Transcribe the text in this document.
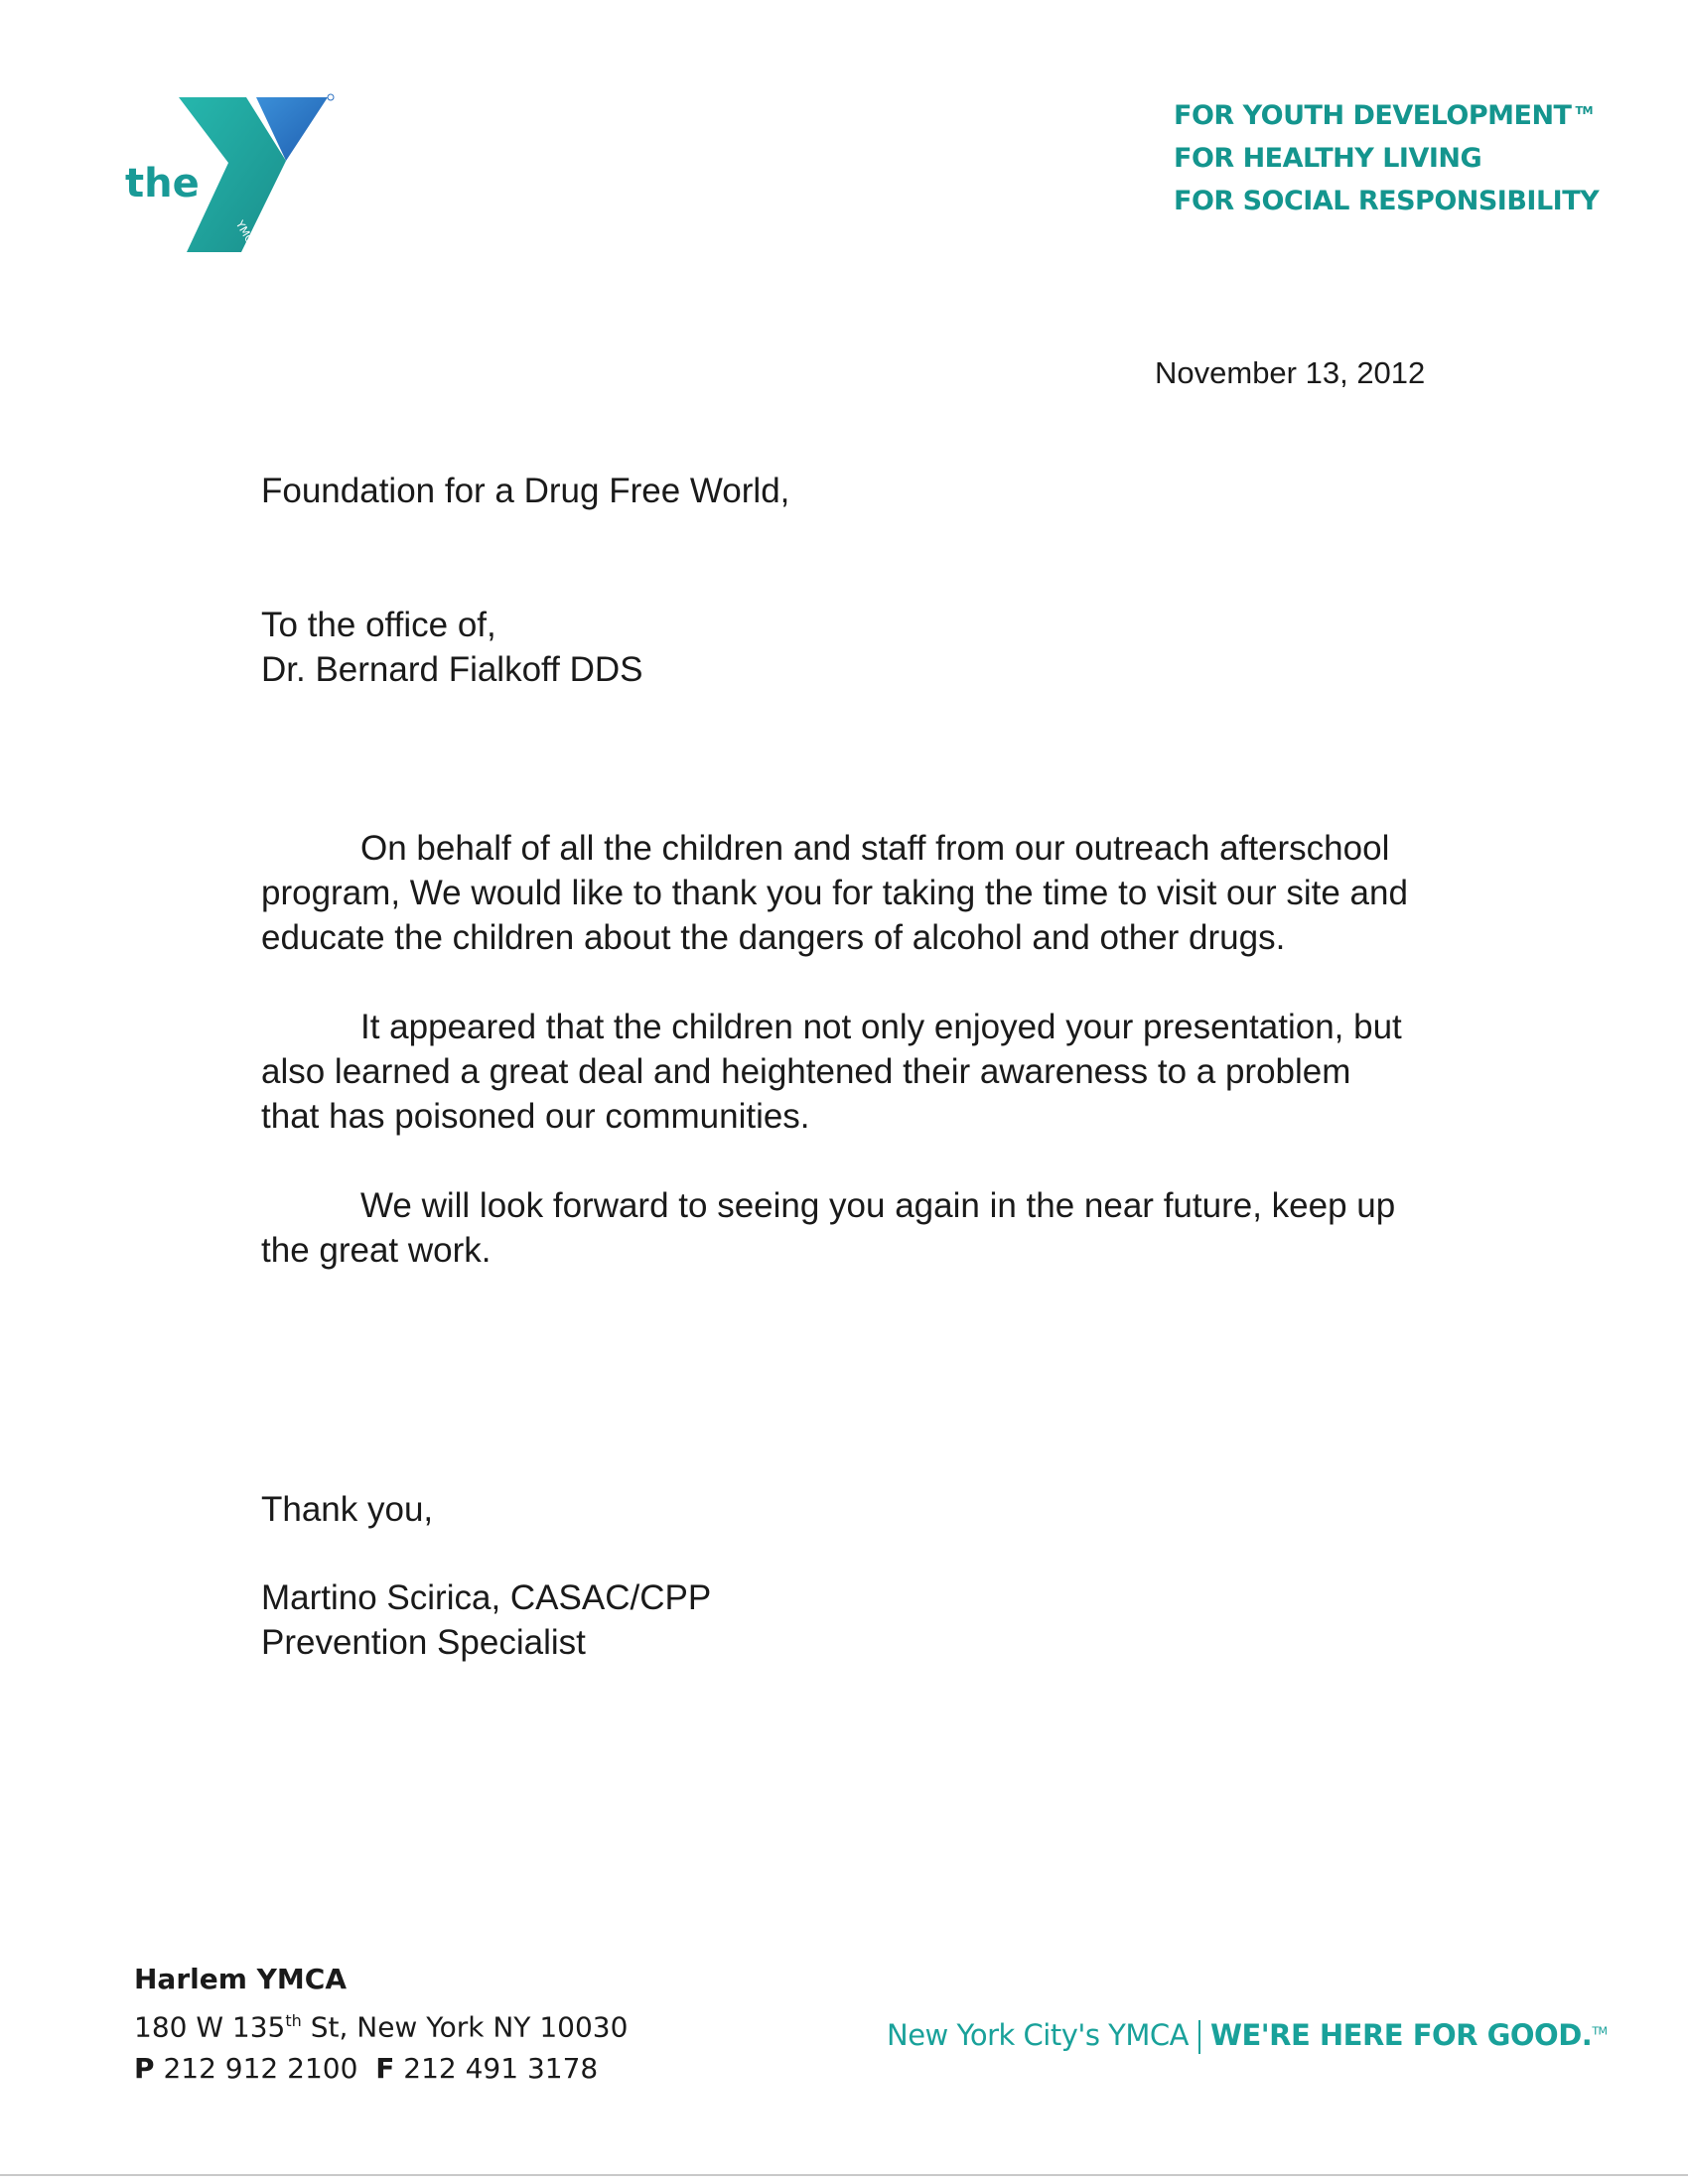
the
YMCA
FOR YOUTH DEVELOPMENT ™
FOR HEALTHY LIVING
FOR SOCIAL RESPONSIBILITY
November 13, 2012
Foundation for a Drug Free World,
To the office of,
Dr. Bernard Fialkoff DDS

On behalf of all the children and staff from our outreach afterschool program, We would like to thank you for taking the time to visit our site and educate the children about the dangers of alcohol and other drugs.

It appeared that the children not only enjoyed your presentation, but also learned a great deal and heightened their awareness to a problem that has poisoned our communities.

We will look forward to seeing you again in the near future, keep up the great work.

Thank you,
Martino Scirica, CASAC/CPP
Prevention Specialist
Harlem YMCA
180 W 135th St, New York NY 10030
P 212 912 2100 F 212 491 3178
New York City's YMCA WE'RE HERE FOR GOOD.™
